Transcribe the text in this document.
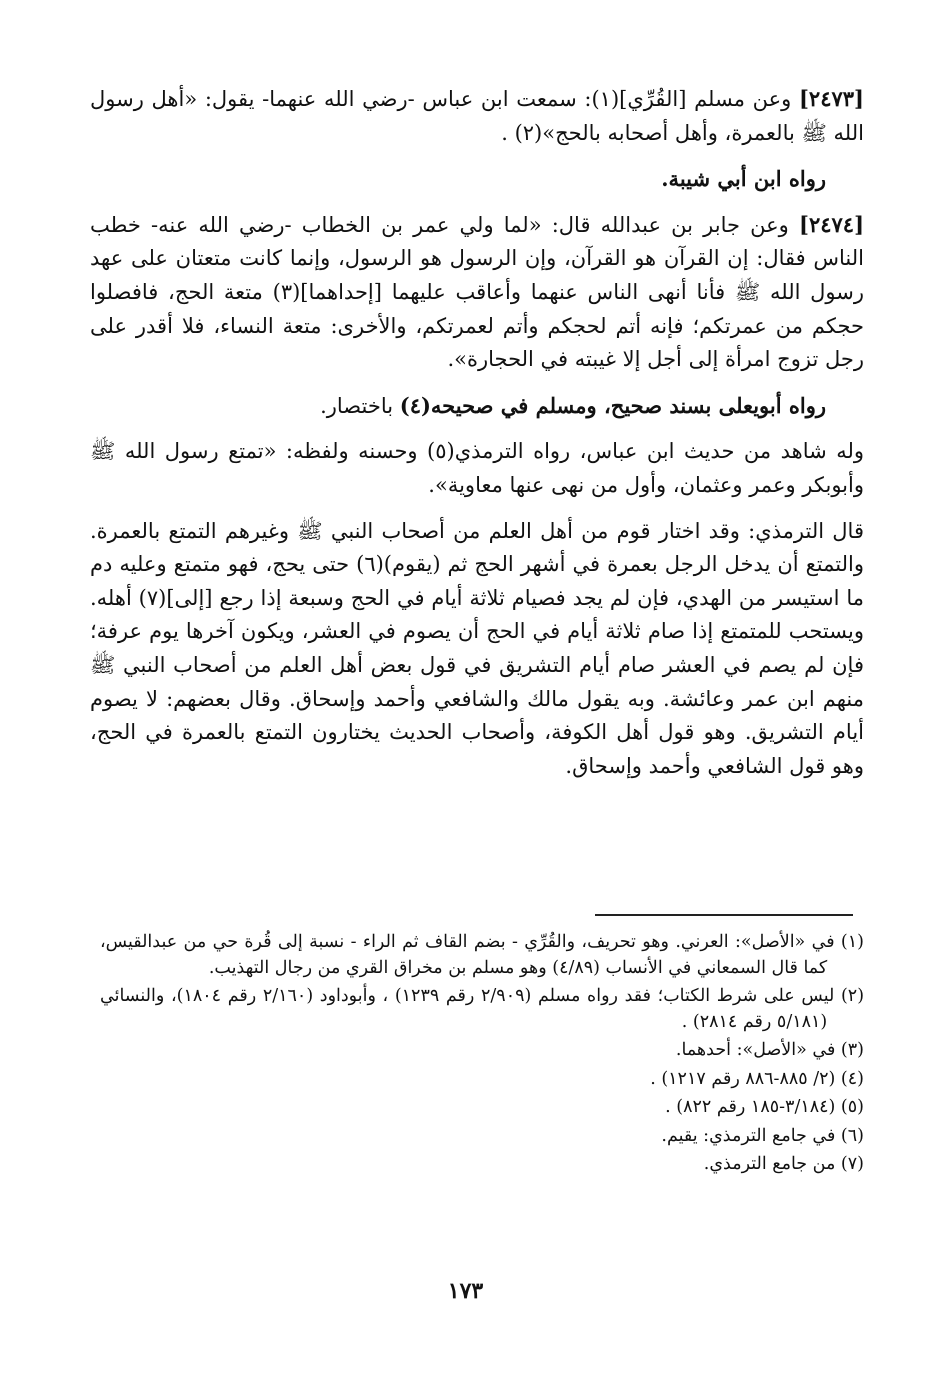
[٢٤٧٣] وعن مسلم [القُرِّي](١): سمعت ابن عباس -رضي الله عنهما- يقول: «أهل رسول الله ﷺ بالعمرة، وأهل أصحابه بالحج»(٢) .

رواه ابن أبي شيبة.

[٢٤٧٤] وعن جابر بن عبدالله قال: «لما ولي عمر بن الخطاب -رضي الله عنه- خطب الناس فقال: إن القرآن هو القرآن، وإن الرسول هو الرسول، وإنما كانت متعتان على عهد رسول الله ﷺ فأنا أنهى الناس عنهما وأعاقب عليهما [إحداهما](٣) متعة الحج، فافصلوا حجكم من عمرتكم؛ فإنه أتم لحجكم وأتم لعمرتكم، والأخرى: متعة النساء، فلا أقدر على رجل تزوج امرأة إلى أجل إلا غيبته في الحجارة».

رواه أبويعلى بسند صحيح، ومسلم في صحيحه(٤) باختصار.

وله شاهد من حديث ابن عباس، رواه الترمذي(٥) وحسنه ولفظه: «تمتع رسول الله ﷺ وأبوبكر وعمر وعثمان، وأول من نهى عنها معاوية».

قال الترمذي: وقد اختار قوم من أهل العلم من أصحاب النبي ﷺ وغيرهم التمتع بالعمرة. والتمتع أن يدخل الرجل بعمرة في أشهر الحج ثم (يقوم)(٦) حتى يحج، فهو متمتع وعليه دم ما استيسر من الهدي، فإن لم يجد فصيام ثلاثة أيام في الحج وسبعة إذا رجع [إلى](٧) أهله. ويستحب للمتمتع إذا صام ثلاثة أيام في الحج أن يصوم في العشر، ويكون آخرها يوم عرفة؛ فإن لم يصم في العشر صام أيام التشريق في قول بعض أهل العلم من أصحاب النبي ﷺ منهم ابن عمر وعائشة. وبه يقول مالك والشافعي وأحمد وإسحاق. وقال بعضهم: لا يصوم أيام التشريق. وهو قول أهل الكوفة، وأصحاب الحديث يختارون التمتع بالعمرة في الحج، وهو قول الشافعي وأحمد وإسحاق.

(١) في «الأصل»: العرني. وهو تحريف، والقُرِّي - بضم القاف ثم الراء - نسبة إلى قُرة حي من عبدالقيس، كما قال السمعاني في الأنساب (٤/٨٩) وهو مسلم بن مخراق القري من رجال التهذيب.

(٢) ليس على شرط الكتاب؛ فقد رواه مسلم (٢/٩٠٩ رقم ١٢٣٩) ، وأبوداود (٢/١٦٠ رقم ١٨٠٤)، والنسائي (٥/١٨١ رقم ٢٨١٤) .

(٣) في «الأصل»: أحدهما.

(٤) (٢/ ٨٨٥-٨٨٦ رقم ١٢١٧) .

(٥) (٣/١٨٤-١٨٥ رقم ٨٢٢) .

(٦) في جامع الترمذي: يقيم.

(٧) من جامع الترمذي.

١٧٣
